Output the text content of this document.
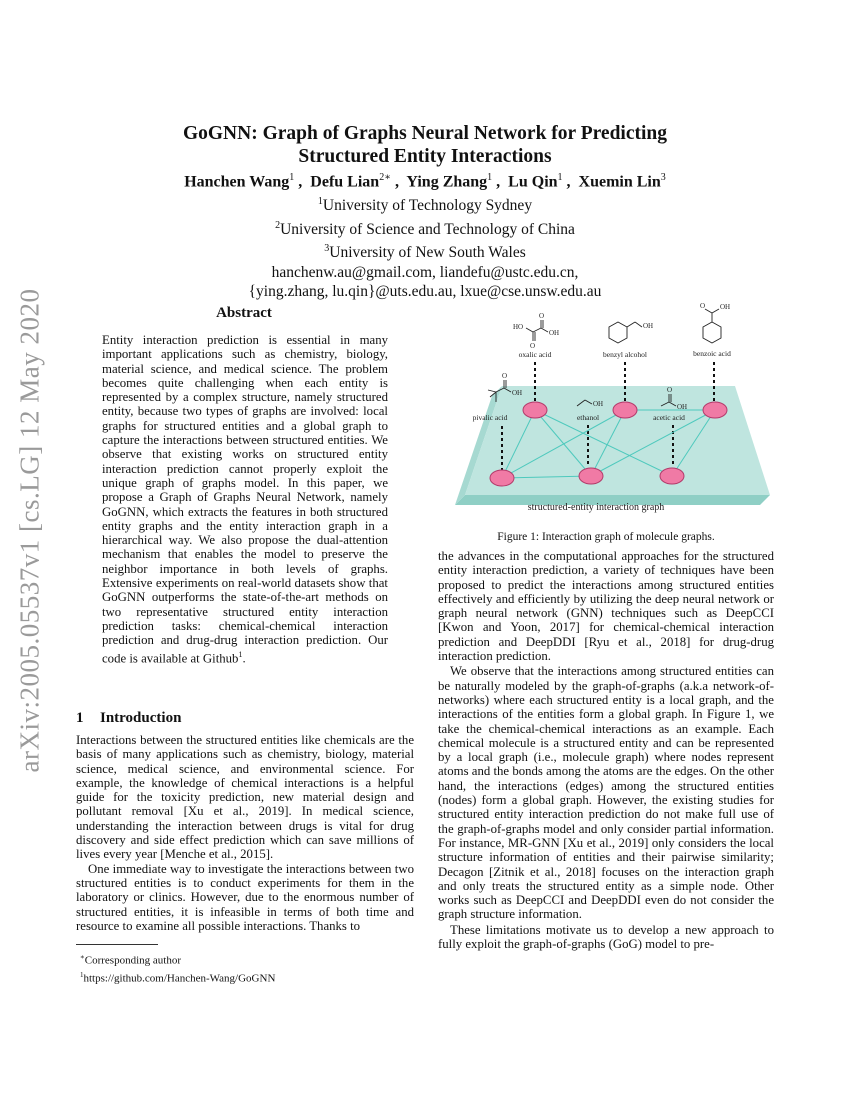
arXiv:2005.05537v1 [cs.LG] 12 May 2020
GoGNN: Graph of Graphs Neural Network for Predicting
Structured Entity Interactions
Hanchen Wang$^1$ ,  Defu Lian$^{2∗}$ ,  Ying Zhang$^1$ ,  Lu Qin$^1$ ,  Xuemin Lin$^3$
$^1$University of Technology Sydney
$^2$University of Science and Technology of China
$^3$University of New South Wales
hanchenw.au@gmail.com, liandefu@ustc.edu.cn,
{ying.zhang, lu.qin}@uts.edu.au, lxue@cse.unsw.edu.au
Abstract

Entity interaction prediction is essential in many important applications such as chemistry, biology, material science, and medical science. The problem becomes quite challenging when each entity is represented by a complex structure, namely structured entity, because two types of graphs are involved: local graphs for structured entities and a global graph to capture the interactions between structured entities. We observe that existing works on structured entity interaction prediction cannot properly exploit the unique graph of graphs model. In this paper, we propose a Graph of Graphs Neural Network, namely GoGNN, which extracts the features in both structured entity graphs and the entity interaction graph in a hierarchical way. We also propose the dual-attention mechanism that enables the model to preserve the neighbor importance in both levels of graphs. Extensive experiments on real-world datasets show that GoGNN outperforms the state-of-the-art methods on two representative structured entity interaction prediction tasks: chemical-chemical interaction prediction and drug-drug interaction prediction. Our code is available at Github$^1$.

1 Introduction

Interactions between the structured entities like chemicals are the basis of many applications such as chemistry, biology, material science, medical science, and environmental science. For example, the knowledge of chemical interactions is a helpful guide for the toxicity prediction, new material design and pollutant removal [Xu et al., 2019]. In medical science, understanding the interaction between drugs is vital for drug discovery and side effect prediction which can save millions of lives every year [Menche et al., 2015].

One immediate way to investigate the interactions between two structured entities is to conduct experiments for them in the laboratory or clinics. However, due to the enormous number of structured entities, it is infeasible in terms of both time and resource to examine all possible interactions. Thanks to

∗Corresponding author
$^1$https://github.com/Hanchen-Wang/GoGNN
structured-entity interaction graph
HO
OH
O
O
oxalic acid
OH
benzyl alcohol
O OH
benzoic acid
O
OH
pivalic acid
OH
ethanol
O
OH
acetic acid
Figure 1: Interaction graph of molecule graphs.

the advances in the computational approaches for the structured entity interaction prediction, a variety of techniques have been proposed to predict the interactions among structured entities effectively and efficiently by utilizing the deep neural network or graph neural network (GNN) techniques such as DeepCCI [Kwon and Yoon, 2017] for chemical-chemical interaction prediction and DeepDDI [Ryu et al., 2018] for drug-drug interaction prediction.

We observe that the interactions among structured entities can be naturally modeled by the graph-of-graphs (a.k.a network-of-networks) where each structured entity is a local graph, and the interactions of the entities form a global graph. In Figure 1, we take the chemical-chemical interactions as an example. Each chemical molecule is a structured entity and can be represented by a local graph (i.e., molecule graph) where nodes represent atoms and the bonds among the atoms are the edges. On the other hand, the interactions (edges) among the structured entities (nodes) form a global graph. However, the existing studies for structured entity interaction prediction do not make full use of the graph-of-graphs model and only consider partial information. For instance, MR-GNN [Xu et al., 2019] only considers the local structure information of entities and their pairwise similarity; Decagon [Zitnik et al., 2018] focuses on the interaction graph and only treats the structured entity as a simple node. Other works such as DeepCCI and DeepDDI even do not consider the graph structure information.

These limitations motivate us to develop a new approach to fully exploit the graph-of-graphs (GoG) model to pre-
